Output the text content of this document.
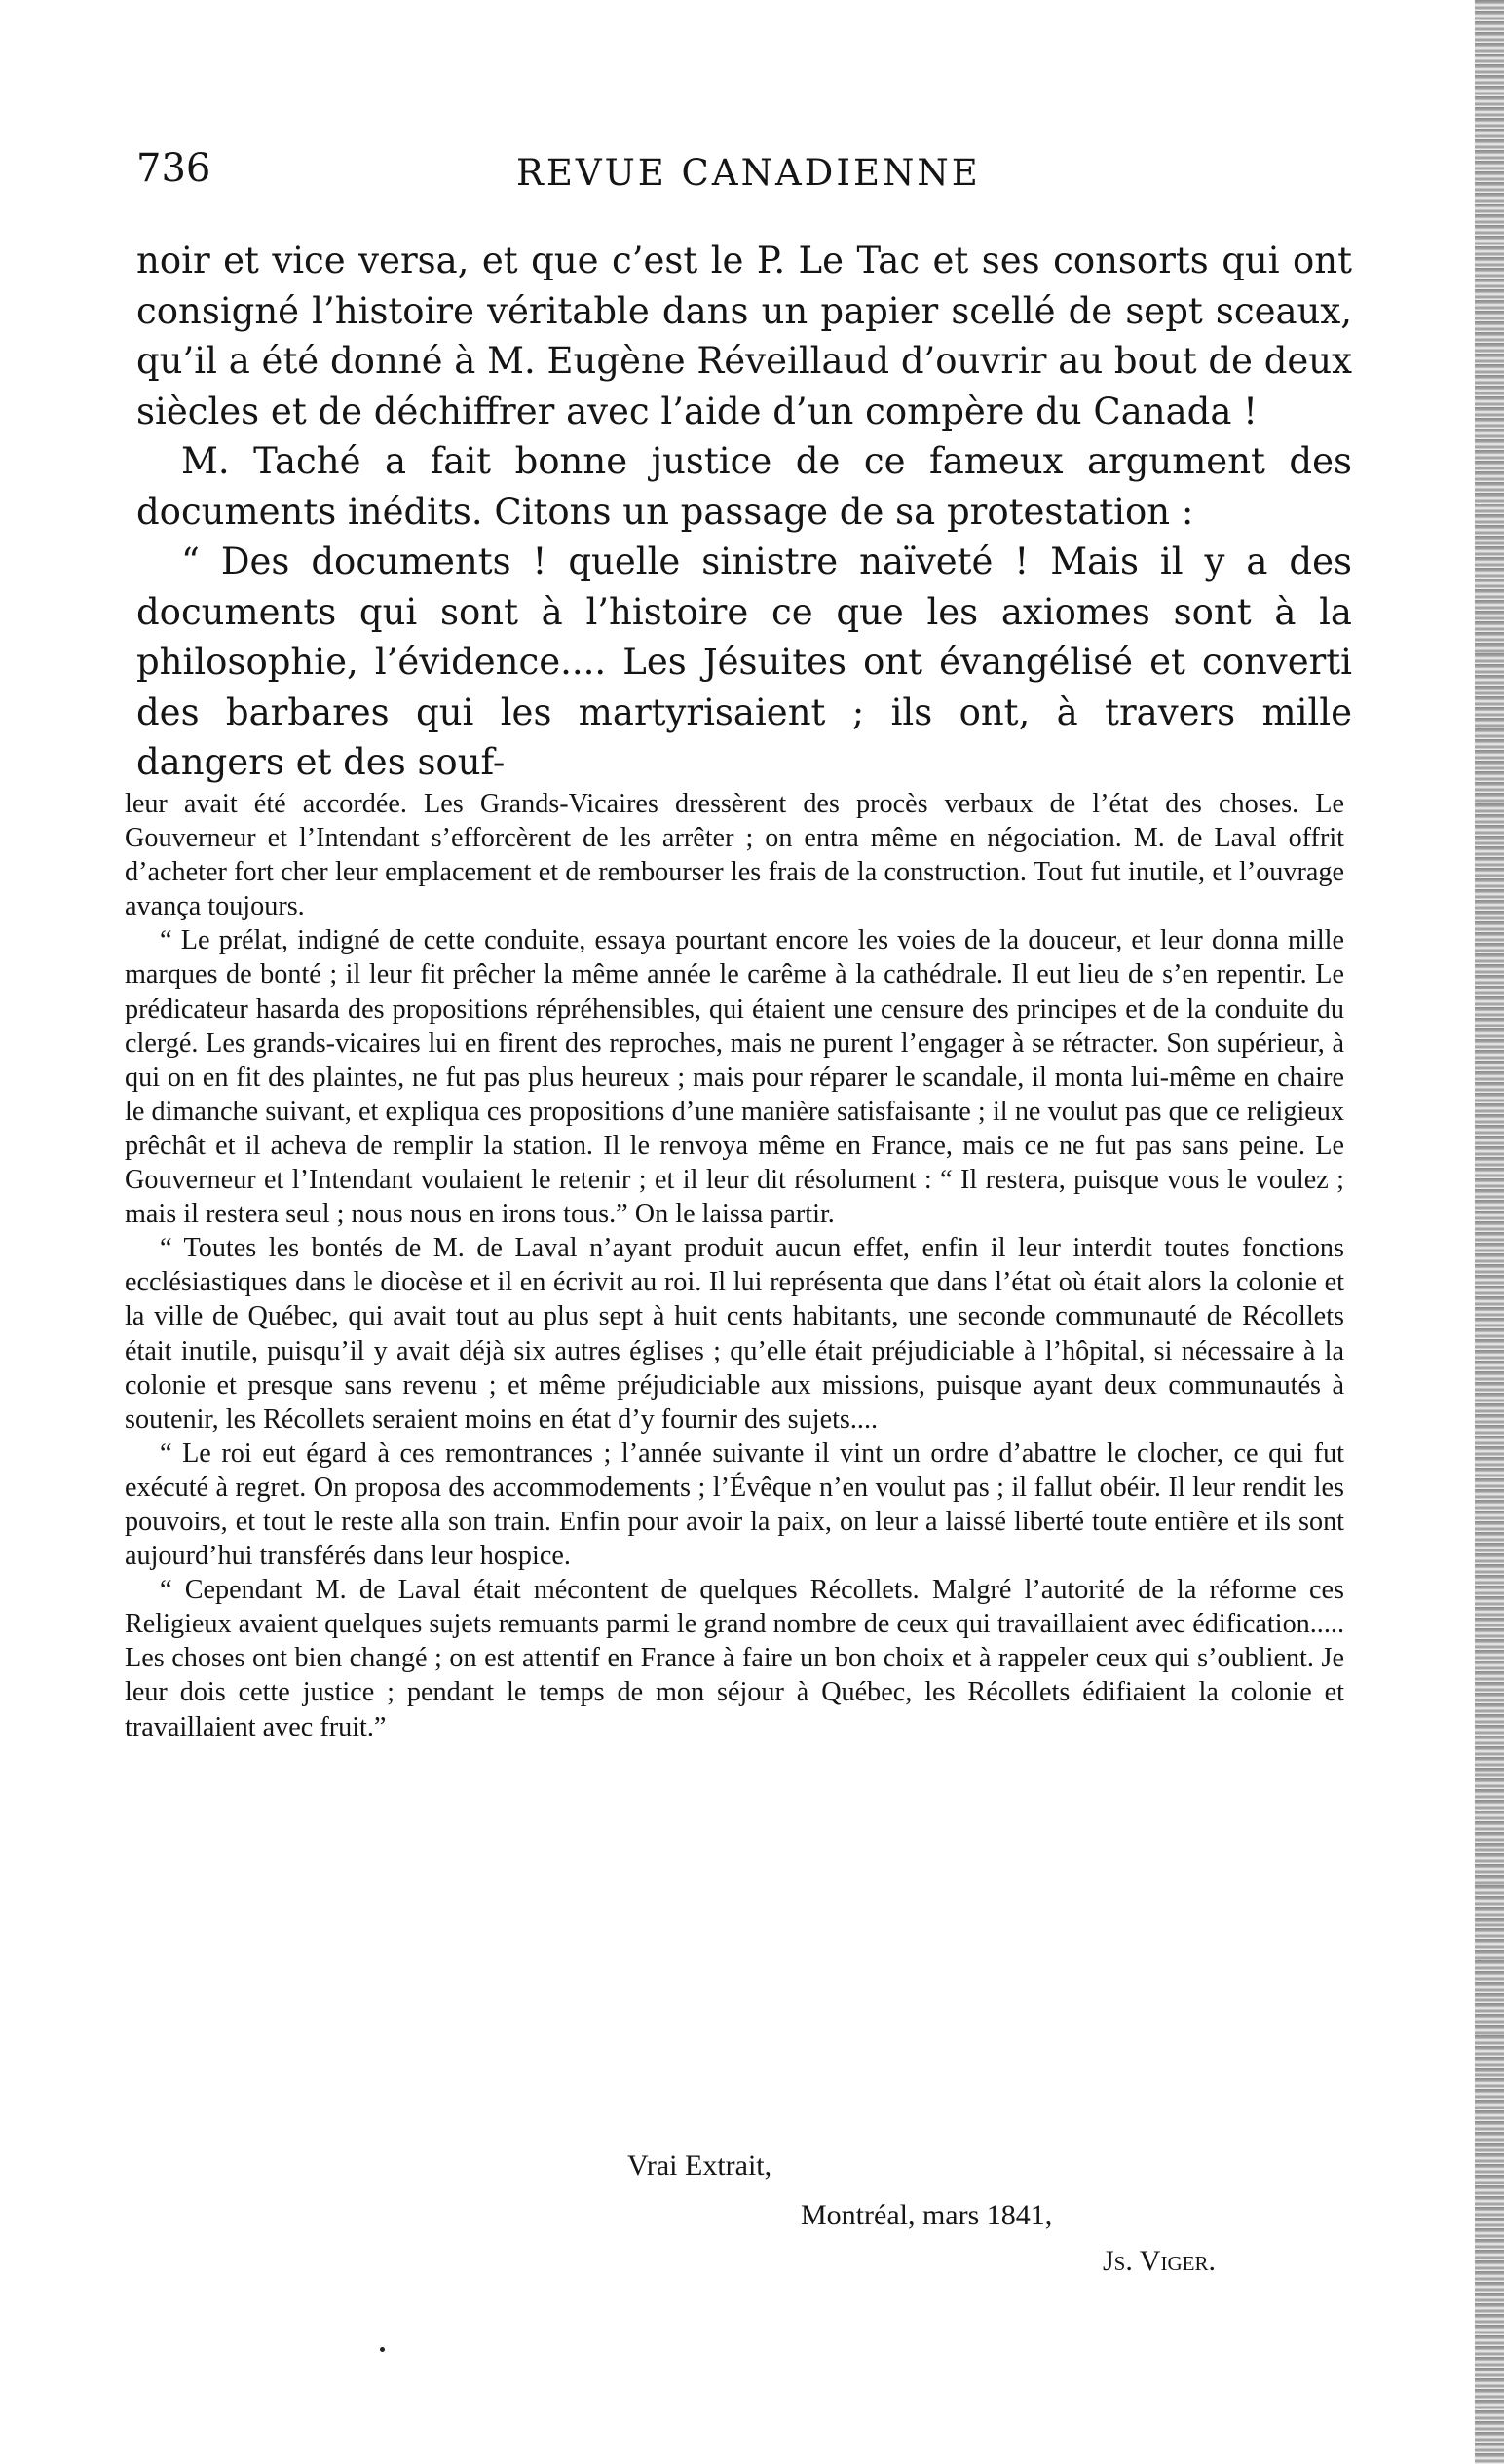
736	REVUE CANADIENNE

noir et vice versa, et que c’est le P. Le Tac et ses consorts qui ont consigné l’histoire véritable dans un papier scellé de sept sceaux, qu’il a été donné à M. Eugène Réveillaud d’ouvrir au bout de deux siècles et de déchiffrer avec l’aide d’un compère du Canada !

M. Taché a fait bonne justice de ce fameux argument des documents inédits. Citons un passage de sa protestation :

“ Des documents ! quelle sinistre naïveté ! Mais il y a des documents qui sont à l’histoire ce que les axiomes sont à la philosophie, l’évidence.... Les Jésuites ont évangélisé et converti des barbares qui les martyrisaient ; ils ont, à travers mille dangers et des souf-

leur avait été accordée. Les Grands-Vicaires dressèrent des procès verbaux de l’état des choses. Le Gouverneur et l’Intendant s’efforcèrent de les arrêter ; on entra même en négociation. M. de Laval offrit d’acheter fort cher leur emplacement et de rembourser les frais de la construction. Tout fut inutile, et l’ouvrage avança toujours.

“ Le prélat, indigné de cette conduite, essaya pourtant encore les voies de la douceur, et leur donna mille marques de bonté ; il leur fit prêcher la même année le carême à la cathédrale. Il eut lieu de s’en repentir. Le prédicateur hasarda des propositions répréhensibles, qui étaient une censure des principes et de la conduite du clergé. Les grands-vicaires lui en firent des reproches, mais ne purent l’engager à se rétracter. Son supérieur, à qui on en fit des plaintes, ne fut pas plus heureux ; mais pour réparer le scandale, il monta lui-même en chaire le dimanche suivant, et expliqua ces propositions d’une manière satisfaisante ; il ne voulut pas que ce religieux prêchât et il acheva de remplir la station. Il le renvoya même en France, mais ce ne fut pas sans peine. Le Gouverneur et l’Intendant voulaient le retenir ; et il leur dit résolument : “ Il restera, puisque vous le voulez ; mais il restera seul ; nous nous en irons tous.” On le laissa partir.

“ Toutes les bontés de M. de Laval n’ayant produit aucun effet, enfin il leur interdit toutes fonctions ecclésiastiques dans le diocèse et il en écrivit au roi. Il lui représenta que dans l’état où était alors la colonie et la ville de Québec, qui avait tout au plus sept à huit cents habitants, une seconde communauté de Récollets était inutile, puisqu’il y avait déjà six autres églises ; qu’elle était préjudiciable à l’hôpital, si nécessaire à la colonie et presque sans revenu ; et même préjudiciable aux missions, puisque ayant deux communautés à soutenir, les Récollets seraient moins en état d’y fournir des sujets....

“ Le roi eut égard à ces remontrances ; l’année suivante il vint un ordre d’abattre le clocher, ce qui fut exécuté à regret. On proposa des accommodements ; l’Évêque n’en voulut pas ; il fallut obéir. Il leur rendit les pouvoirs, et tout le reste alla son train. Enfin pour avoir la paix, on leur a laissé liberté toute entière et ils sont aujourd’hui transférés dans leur hospice.

“ Cependant M. de Laval était mécontent de quelques Récollets. Malgré l’autorité de la réforme ces Religieux avaient quelques sujets remuants parmi le grand nombre de ceux qui travaillaient avec édification..... Les choses ont bien changé ; on est attentif en France à faire un bon choix et à rappeler ceux qui s’oublient. Je leur dois cette justice ; pendant le temps de mon séjour à Québec, les Récollets édifiaient la colonie et travaillaient avec fruit.”

Vrai Extrait,
Montréal, mars 1841,
Js. Viger.
